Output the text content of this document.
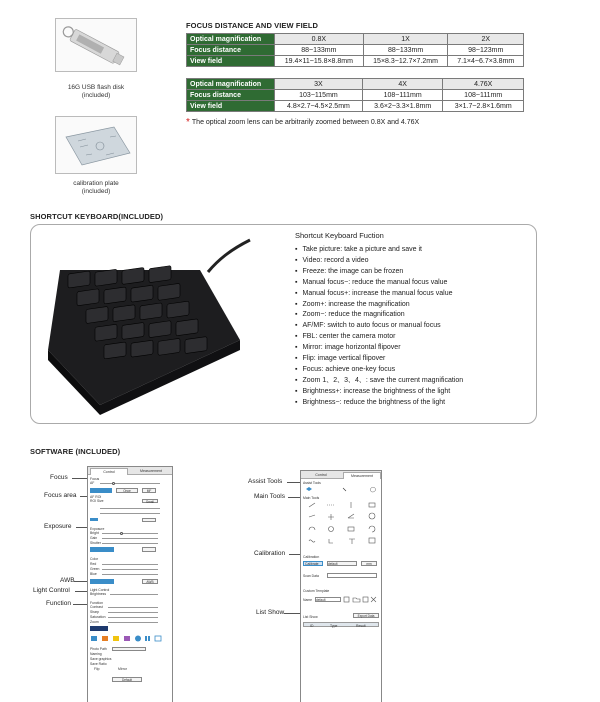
16G USB flash disk
(included)
calibration plate
(included)
FOCUS DISTANCE AND VIEW FIELD
Optical magnification	0.8X	1X	2X
Focus distance	88~133mm	88~133mm	98~123mm
View field	19.4×11~15.8×8.8mm	15×8.3~12.7×7.2mm	7.1×4~6.7×3.8mm
Optical magnification	3X	4X	4.76X
Focus distance	103~115mm	108~111mm	108~111mm
View field	4.8×2.7~4.5×2.5mm	3.6×2~3.3×1.8mm	3×1.7~2.8×1.6mm
* The optical zoom lens can be arbitrarily zoomed between 0.8X and 4.76X
SHORTCUT KEYBOARD(INCLUDED)
INSIZE
Shortcut Keyboard Fuction
▪ Take picture: take a picture and save it
▪ Video: record a video
▪ Freeze: the image can be frozen
▪ Manual focus−: reduce the manual focus value
▪ Manual focus+: increase the manual focus value
▪ Zoom+: increase the magnification
▪ Zoom−: reduce the magnification
▪ AF/MF: switch to auto focus or manual focus
▪ FBL: center the camera motor
▪ Mirror: image horizontal flipover
▪ Flip: image vertical flipover
▪ Focus: achieve one-key focus
▪ Zoom 1、2、3、4、: save the current magnification
▪ Brightness+: increase the brightness of the light
▪ Brightness−: reduce the brightness of the light
SOFTWARE (INCLUDED)
Focus
Focus area
Exposure
AWB
Light Control
Function
Control	Measurement
Focus
AF
Once	MF
AF ROI
ROI Size	Small
Exposure
Bright
Gain
Shutter
Color
Red
Green
Blue
AWB
Light Control
Brightness
Function
Contrast
Sharp
Saturation
Zoom
Photo Path
Naming
Save graphics
Save Ratio
Flip	Mirror
Default
Assist Tools
Main Tools
Calibration
List Show
Control	Measurement
Assist Tools
Main Tools
Calibration
Calibrate	default	mm
Scan Data
Custom Template
Name	default
List Show	Export Data
ID	Type	Result
